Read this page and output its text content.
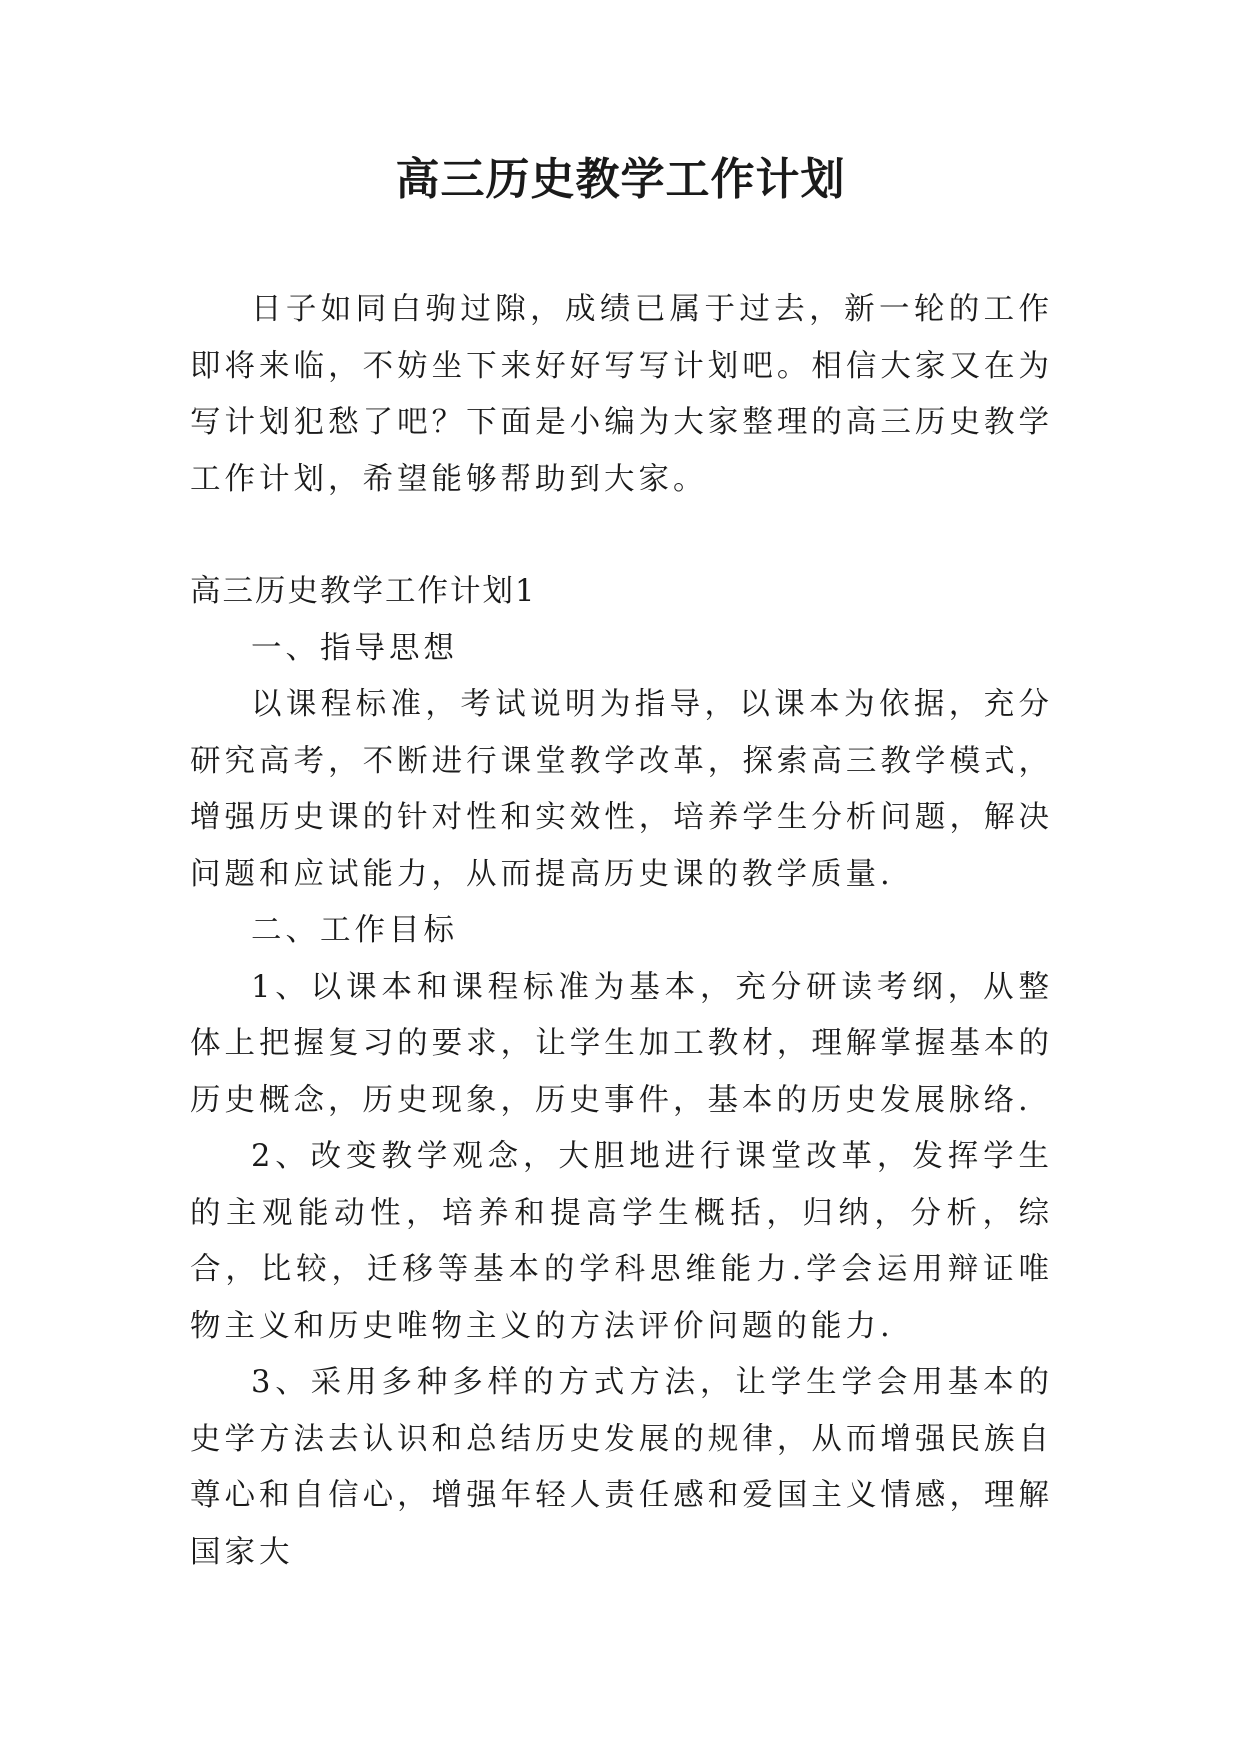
高三历史教学工作计划

日子如同白驹过隙，成绩已属于过去，新一轮的工作即将来临，不妨坐下来好好写写计划吧。相信大家又在为写计划犯愁了吧？下面是小编为大家整理的高三历史教学工作计划，希望能够帮助到大家。

高三历史教学工作计划1

一、指导思想

以课程标准，考试说明为指导，以课本为依据，充分研究高考，不断进行课堂教学改革，探索高三教学模式，增强历史课的针对性和实效性，培养学生分析问题，解决问题和应试能力，从而提高历史课的教学质量.

二、工作目标

1、以课本和课程标准为基本，充分研读考纲，从整体上把握复习的要求，让学生加工教材，理解掌握基本的历史概念，历史现象，历史事件，基本的历史发展脉络.

2、改变教学观念，大胆地进行课堂改革，发挥学生的主观能动性，培养和提高学生概括，归纳，分析，综合，比较，迁移等基本的学科思维能力.学会运用辩证唯物主义和历史唯物主义的方法评价问题的能力.

3、采用多种多样的方式方法，让学生学会用基本的史学方法去认识和总结历史发展的规律，从而增强民族自尊心和自信心，增强年轻人责任感和爱国主义情感，理解国家大
